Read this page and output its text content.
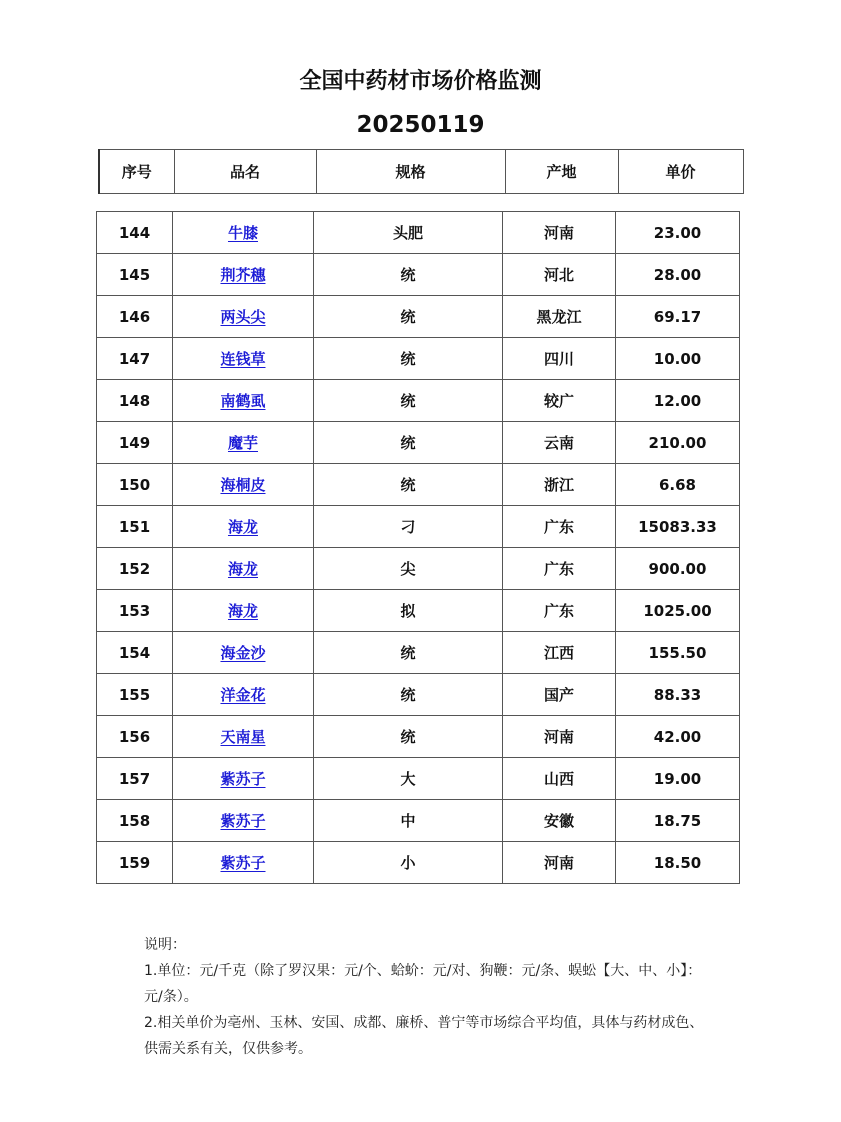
全国中药材市场价格监测
20250119
序号	品名	规格	产地	单价
144	牛膝	头肥	河南	23.00
145	荆芥穗	统	河北	28.00
146	两头尖	统	黑龙江	69.17
147	连钱草	统	四川	10.00
148	南鹤虱	统	较广	12.00
149	魔芋	统	云南	210.00
150	海桐皮	统	浙江	6.68
151	海龙	刁	广东	15083.33
152	海龙	尖	广东	900.00
153	海龙	拟	广东	1025.00
154	海金沙	统	江西	155.50
155	洋金花	统	国产	88.33
156	天南星	统	河南	42.00
157	紫苏子	大	山西	19.00
158	紫苏子	中	安徽	18.75
159	紫苏子	小	河南	18.50

说明：

1.单位：元/千克（除了罗汉果：元/个、蛤蚧：元/对、狗鞭：元/条、蜈蚣【大、中、小】：元/条）。

2.相关单价为亳州、玉林、安国、成都、廉桥、普宁等市场综合平均值，具体与药材成色、供需关系有关，仅供参考。
